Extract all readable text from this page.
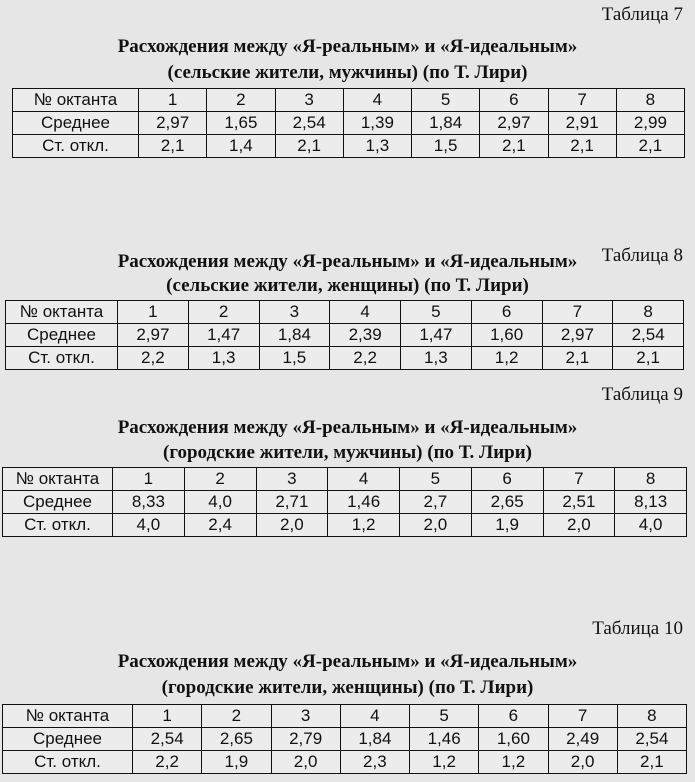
Таблица 7
Расхождения между «Я-реальным» и «Я-идеальным»
(сельские жители, мужчины) (по Т. Лири)
№ октанта	1	2	3	4	5	6	7	8
Среднее	2,97	1,65	2,54	1,39	1,84	2,97	2,91	2,99
Ст. откл.	2,1	1,4	2,1	1,3	1,5	2,1	2,1	2,1
Таблица 8
Расхождения между «Я-реальным» и «Я-идеальным»
(сельские жители, женщины) (по Т. Лири)
№ октанта	1	2	3	4	5	6	7	8
Среднее	2,97	1,47	1,84	2,39	1,47	1,60	2,97	2,54
Ст. откл.	2,2	1,3	1,5	2,2	1,3	1,2	2,1	2,1
Таблица 9
Расхождения между «Я-реальным» и «Я-идеальным»
(городские жители, мужчины) (по Т. Лири)
№ октанта	1	2	3	4	5	6	7	8
Среднее	8,33	4,0	2,71	1,46	2,7	2,65	2,51	8,13
Ст. откл.	4,0	2,4	2,0	1,2	2,0	1,9	2,0	4,0
Таблица 10
Расхождения между «Я-реальным» и «Я-идеальным»
(городские жители, женщины) (по Т. Лири)
№ октанта	1	2	3	4	5	6	7	8
Среднее	2,54	2,65	2,79	1,84	1,46	1,60	2,49	2,54
Ст. откл.	2,2	1,9	2,0	2,3	1,2	1,2	2,0	2,1
